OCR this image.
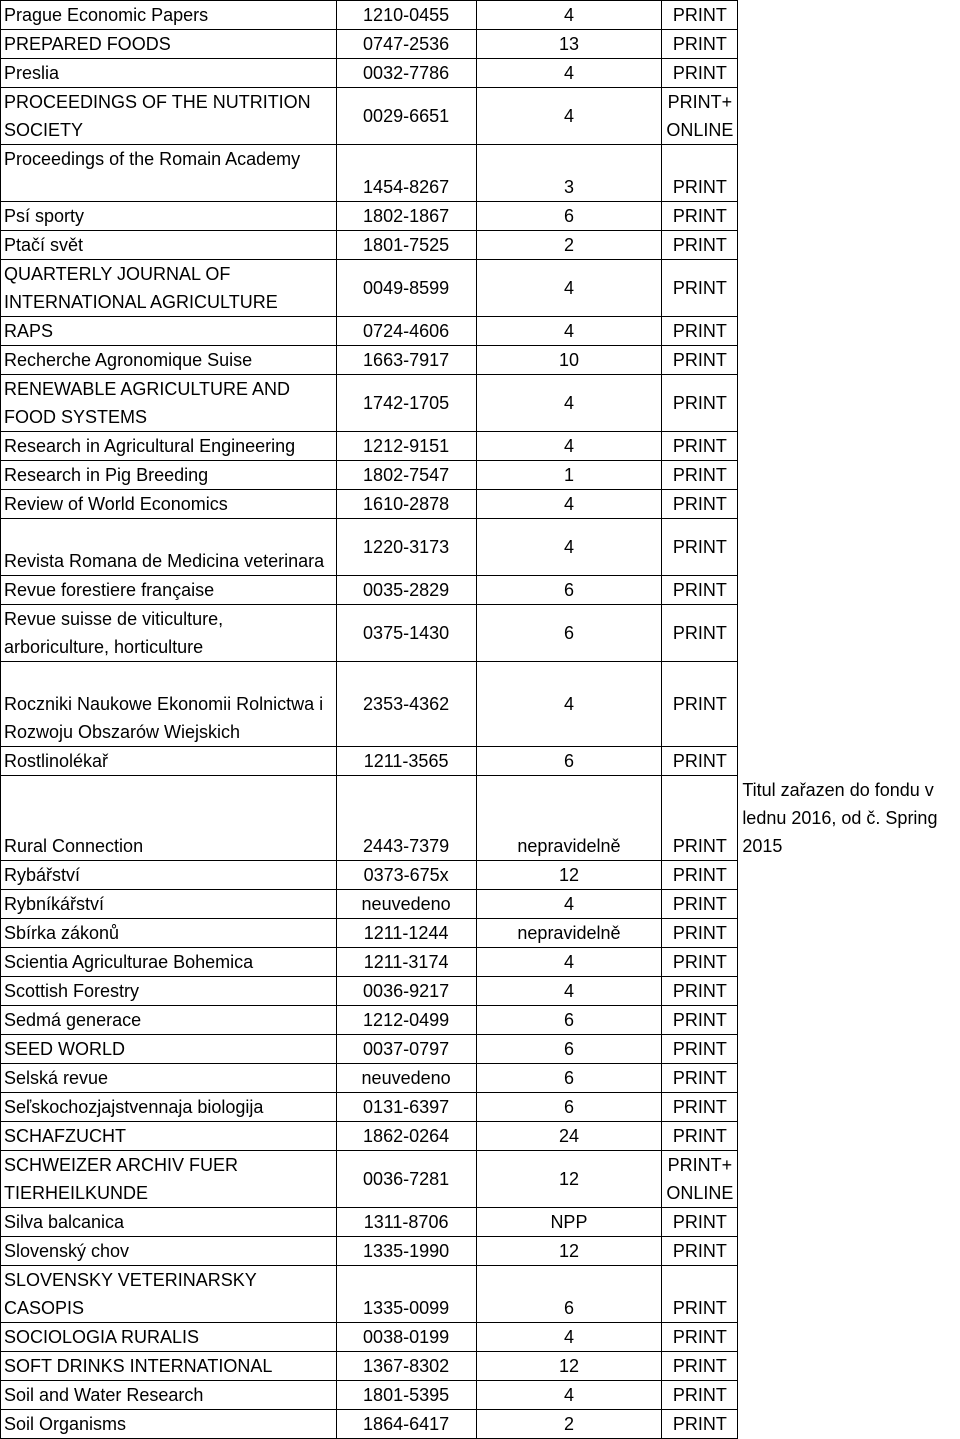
Prague Economic Papers	1210-0455	4	PRINT	
PREPARED FOODS	0747-2536	13	PRINT	
Preslia	0032-7786	4	PRINT	
PROCEEDINGS OF THE NUTRITION SOCIETY	0029-6651	4	PRINT+ONLINE	
Proceedings of the Romain Academy	1454-8267	3	PRINT	
Psí sporty	1802-1867	6	PRINT	
Ptačí svět	1801-7525	2	PRINT	
QUARTERLY JOURNAL OF INTERNATIONAL AGRICULTURE	0049-8599	4	PRINT	
RAPS	0724-4606	4	PRINT	
Recherche Agronomique Suise	1663-7917	10	PRINT	
RENEWABLE AGRICULTURE AND FOOD SYSTEMS	1742-1705	4	PRINT	
Research in Agricultural Engineering	1212-9151	4	PRINT	
Research in Pig Breeding	1802-7547	1	PRINT	
Review of World Economics	1610-2878	4	PRINT	
Revista Romana de Medicina veterinara	1220-3173	4	PRINT	
Revue forestiere française	0035-2829	6	PRINT	
Revue suisse de viticulture, arboriculture, horticulture	0375-1430	6	PRINT	
Roczniki Naukowe Ekonomii Rolnictwa i Rozwoju Obszarów Wiejskich	2353-4362	4	PRINT	
Rostlinolékař	1211-3565	6	PRINT	
Rural Connection	2443-7379	nepravidelně	PRINT	Titul zařazen do fondu v lednu 2016, od č. Spring 2015
Rybářství	0373-675x	12	PRINT	
Rybníkářství	neuvedeno	4	PRINT	
Sbírka zákonů	1211-1244	nepravidelně	PRINT	
Scientia Agriculturae Bohemica	1211-3174	4	PRINT	
Scottish Forestry	0036-9217	4	PRINT	
Sedmá generace	1212-0499	6	PRINT	
SEED WORLD	0037-0797	6	PRINT	
Selská revue	neuvedeno	6	PRINT	
Seľskochozjajstvennaja biologija	0131-6397	6	PRINT	
SCHAFZUCHT	1862-0264	24	PRINT	
SCHWEIZER ARCHIV FUER TIERHEILKUNDE	0036-7281	12	PRINT+ONLINE	
Silva balcanica	1311-8706	NPP	PRINT	
Slovenský chov	1335-1990	12	PRINT	
SLOVENSKY VETERINARSKY CASOPIS	1335-0099	6	PRINT	
SOCIOLOGIA RURALIS	0038-0199	4	PRINT	
SOFT DRINKS INTERNATIONAL	1367-8302	12	PRINT	
Soil and Water Research	1801-5395	4	PRINT	
Soil Organisms	1864-6417	2	PRINT	
